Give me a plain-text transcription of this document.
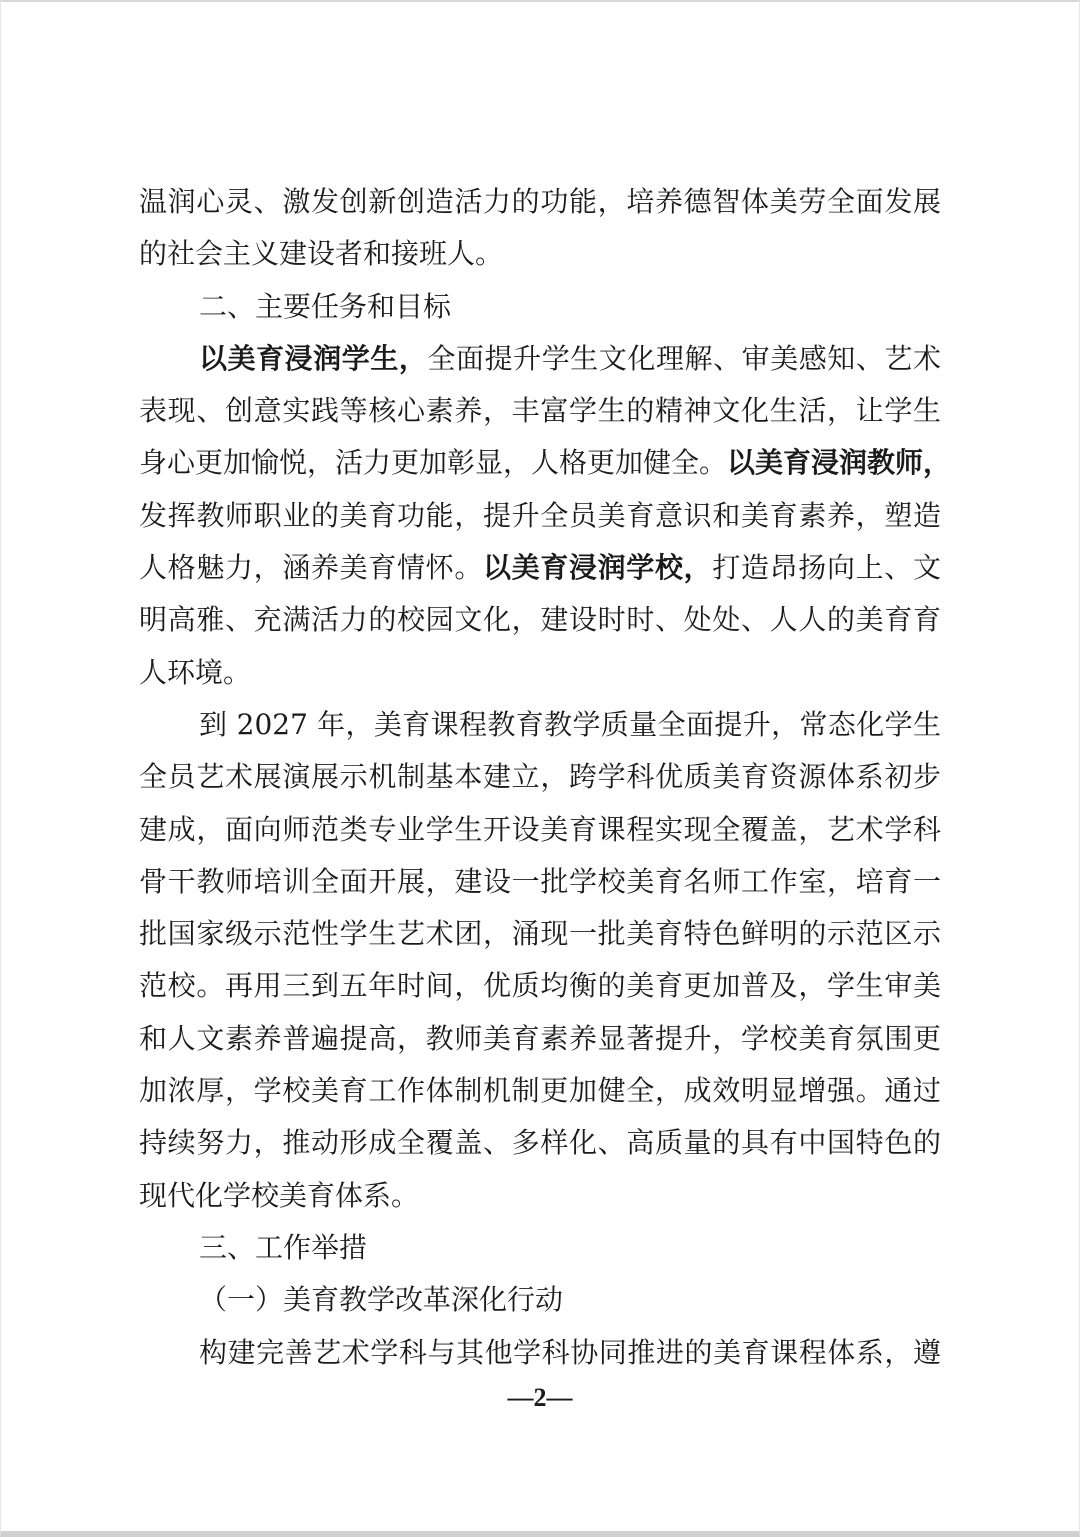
温润心灵、激发创新创造活力的功能，培养德智体美劳全面发展
的社会主义建设者和接班人。
二、主要任务和目标
以美育浸润学生，全面提升学生文化理解、审美感知、艺术
表现、创意实践等核心素养，丰富学生的精神文化生活，让学生
身心更加愉悦，活力更加彰显，人格更加健全。以美育浸润教师，
发挥教师职业的美育功能，提升全员美育意识和美育素养，塑造
人格魅力，涵养美育情怀。以美育浸润学校，打造昂扬向上、文
明高雅、充满活力的校园文化，建设时时、处处、人人的美育育
人环境。
到 2027 年，美育课程教育教学质量全面提升，常态化学生
全员艺术展演展示机制基本建立，跨学科优质美育资源体系初步
建成，面向师范类专业学生开设美育课程实现全覆盖，艺术学科
骨干教师培训全面开展，建设一批学校美育名师工作室，培育一
批国家级示范性学生艺术团，涌现一批美育特色鲜明的示范区示
范校。再用三到五年时间，优质均衡的美育更加普及，学生审美
和人文素养普遍提高，教师美育素养显著提升，学校美育氛围更
加浓厚，学校美育工作体制机制更加健全，成效明显增强。通过
持续努力，推动形成全覆盖、多样化、高质量的具有中国特色的
现代化学校美育体系。
三、工作举措
（一）美育教学改革深化行动
构建完善艺术学科与其他学科协同推进的美育课程体系，遵
—2—
